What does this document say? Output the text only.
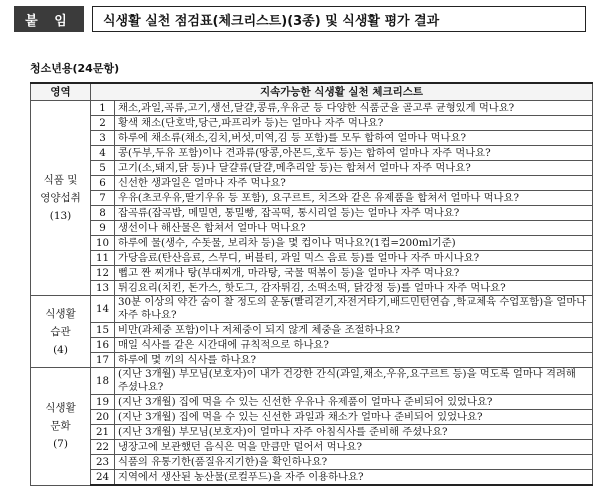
붙 임	식생활 실천 점검표(체크리스트)(3종) 및 식생활 평가 결과
청소년용(24문항)
영역	지속가능한 식생활 실천 체크리스트	

식품 및
영양섭취
(13)	1	채소,과일,곡류,고기,생선,달걀,콩류,우유군 등 다양한 식품군을 골고루 균형있게 먹나요?
	2	황색 채소(단호박,당근,파프리카 등)는 얼마나 자주 먹나요?
	3	하루에 채소류(채소,김치,버섯,미역,김 등 포함)를 모두 합하여 얼마나 먹나요?
	4	콩(두부,두유 포함)이나 견과류(땅콩,아몬드,호두 등)는 합하여 얼마나 자주 먹나요?
	5	고기(소,돼지,닭 등)나 달걀류(달걀,메추리알 등)는 합쳐서 얼마나 자주 먹나요?
	6	신선한 생과일은 얼마나 자주 먹나요?
	7	우유(초코우유,딸기우유 등 포함), 요구르트, 치즈와 같은 유제품을 합쳐서 얼마나 먹나요?
	8	잡곡류(잡곡밥, 메밀면, 통밀빵, 잡곡떡, 통시리얼 등)는 얼마나 자주 먹나요?
	9	생선이나 해산물은 합쳐서 얼마나 먹나요?
	10	하루에 물(생수, 수돗물, 보리차 등)을 몇 컵이나 먹나요?(1컵=200ml기준)
	11	가당음료(탄산음료, 스무디, 버블티, 과일 믹스 음료 등)를 얼마나 자주 마시나요?
	12	뻡고 짠 찌개나 탕(부대찌개, 마라탕, 국물 떡볶이 등)을 얼마나 자주 먹나요?
	13	튀김요리(치킨, 돈가스, 핫도그, 감자튀김, 소떡소떡, 닭강정 등)를 얼마나 자주 먹나요?

식생활
습관
(4)	14	30분 이상의 약간 숨이 찰 정도의 운동(빨리걷기,자전거타기,배드민턴연습 ,학교체육 수업포함)을 얼마나 자주 하나요?
	15	비만(과체중 포함)이나 저체중이 되지 않게 체중을 조절하나요?
	16	매일 식사를 같은 시간대에 규칙적으로 하나요?
	17	하루에 몇 끼의 식사를 하나요?

식생활
문화
(7)	18	(지난 3개월) 부모님(보호자)이 내가 건강한 간식(과일,채소,우유,요구르트 등)을 먹도록 얼마나 격려해 주셨나요?
	19	(지난 3개월) 집에 먹을 수 있는 신선한 우유나 유제품이 얼마나 준비되어 있었나요?
	20	(지난 3개월) 집에 먹을 수 있는 신선한 과일과 채소가 얼마나 준비되어 있었나요?
	21	(지난 3개월) 부모님(보호자)이 얼마나 자주 아침식사를 준비해 주셨나요?
	22	냉장고에 보관했던 음식은 먹을 만큼만 덜어서 먹나요?
	23	식품의 유통기한(품질유지기한)을 확인하나요?
	24	지역에서 생산된 농산물(로컬푸드)을 자주 이용하나요?
